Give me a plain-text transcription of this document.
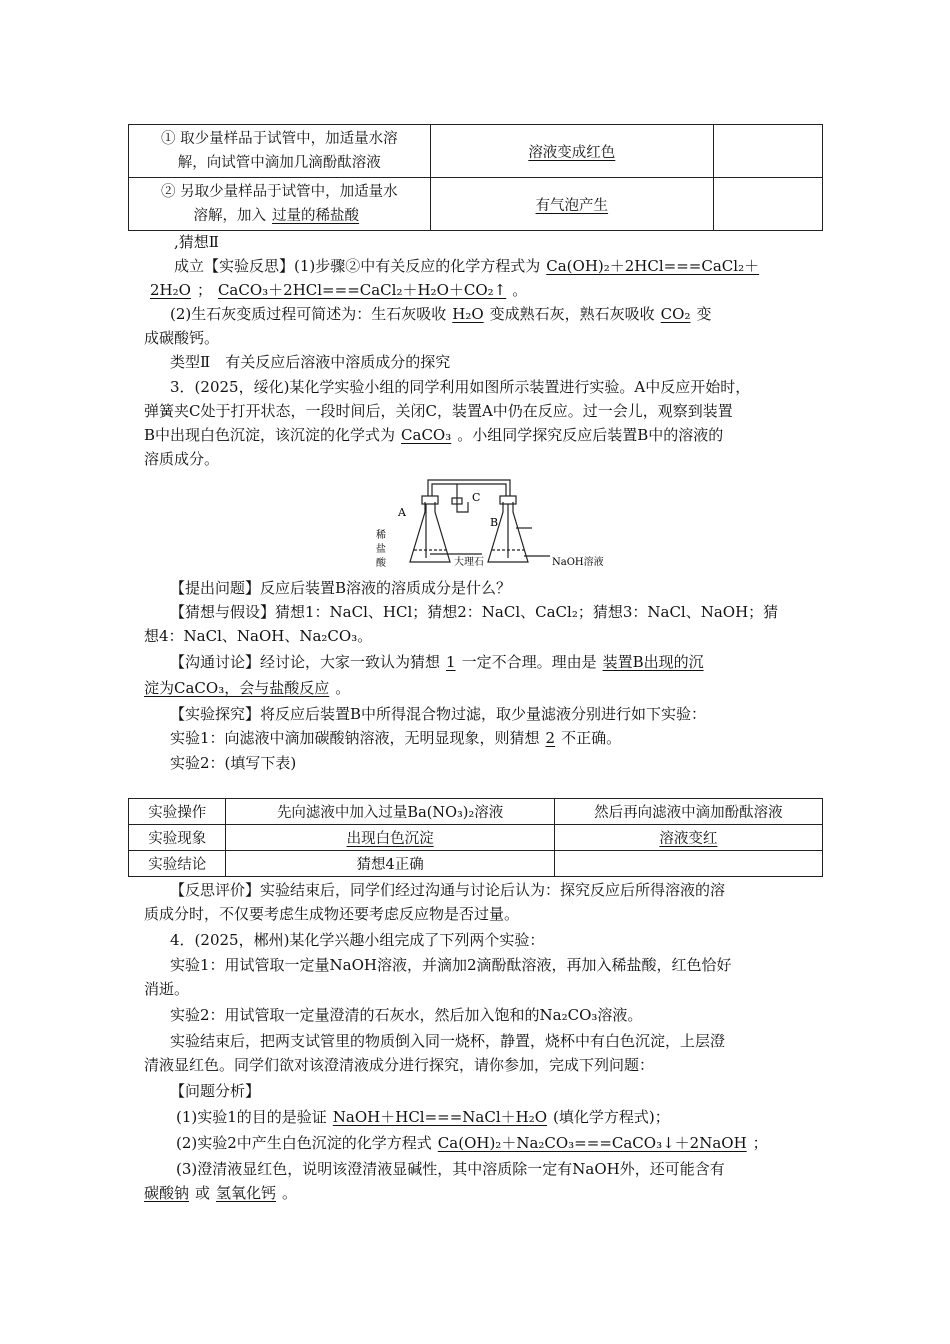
① 取少量样品于试管中，加适量水溶
解，向试管中滴加几滴酚酞溶液	溶液变成红色	
② 另取少量样品于试管中，加适量水
溶解，加入 过量的稀盐酸	有气泡产生	
,猜想Ⅱ
成立【实验反思】(1)步骤②中有关反应的化学方程式为 Ca(OH)₂＋2HCl===CaCl₂＋
2H₂O ； CaCO₃＋2HCl===CaCl₂＋H₂O＋CO₂↑ 。
(2)生石灰变质过程可简述为：生石灰吸收 H₂O 变成熟石灰，熟石灰吸收 CO₂ 变
成碳酸钙。
类型Ⅱ　有关反应后溶液中溶质成分的探究
3．(2025，绥化)某化学实验小组的同学利用如图所示装置进行实验。A中反应开始时，
弹簧夹C处于打开状态，一段时间后，关闭C，装置A中仍在反应。过一会儿，观察到装置
B中出现白色沉淀，该沉淀的化学式为 CaCO₃ 。小组同学探究反应后装置B中的溶液的
溶质成分。
A
B
C
稀
盐
酸	大理石	NaOH溶液
【提出问题】反应后装置B溶液的溶质成分是什么？
【猜想与假设】猜想1：NaCl、HCl；猜想2：NaCl、CaCl₂；猜想3：NaCl、NaOH；猜
想4：NaCl、NaOH、Na₂CO₃。
【沟通讨论】经讨论，大家一致认为猜想 1 一定不合理。理由是 装置B出现的沉
淀为CaCO₃，会与盐酸反应 。
【实验探究】将反应后装置B中所得混合物过滤，取少量滤液分别进行如下实验：
实验1：向滤液中滴加碳酸钠溶液，无明显现象，则猜想 2 不正确。
实验2：(填写下表)
实验操作	先向滤液中加入过量Ba(NO₃)₂溶液	然后再向滤液中滴加酚酞溶液
实验现象	出现白色沉淀	溶液变红
实验结论	猜想4正确	
【反思评价】实验结束后，同学们经过沟通与讨论后认为：探究反应后所得溶液的溶
质成分时，不仅要考虑生成物还要考虑反应物是否过量。
4．(2025，郴州)某化学兴趣小组完成了下列两个实验：
实验1：用试管取一定量NaOH溶液，并滴加2滴酚酞溶液，再加入稀盐酸，红色恰好
消逝。
实验2：用试管取一定量澄清的石灰水，然后加入饱和的Na₂CO₃溶液。
实验结束后，把两支试管里的物质倒入同一烧杯，静置，烧杯中有白色沉淀，上层澄
清液显红色。同学们欲对该澄清液成分进行探究，请你参加，完成下列问题：
【问题分析】
(1)实验1的目的是验证 NaOH＋HCl===NaCl＋H₂O (填化学方程式)；
(2)实验2中产生白色沉淀的化学方程式 Ca(OH)₂＋Na₂CO₃===CaCO₃↓＋2NaOH ；
(3)澄清液显红色，说明该澄清液显碱性，其中溶质除一定有NaOH外，还可能含有
碳酸钠 或 氢氧化钙 。
